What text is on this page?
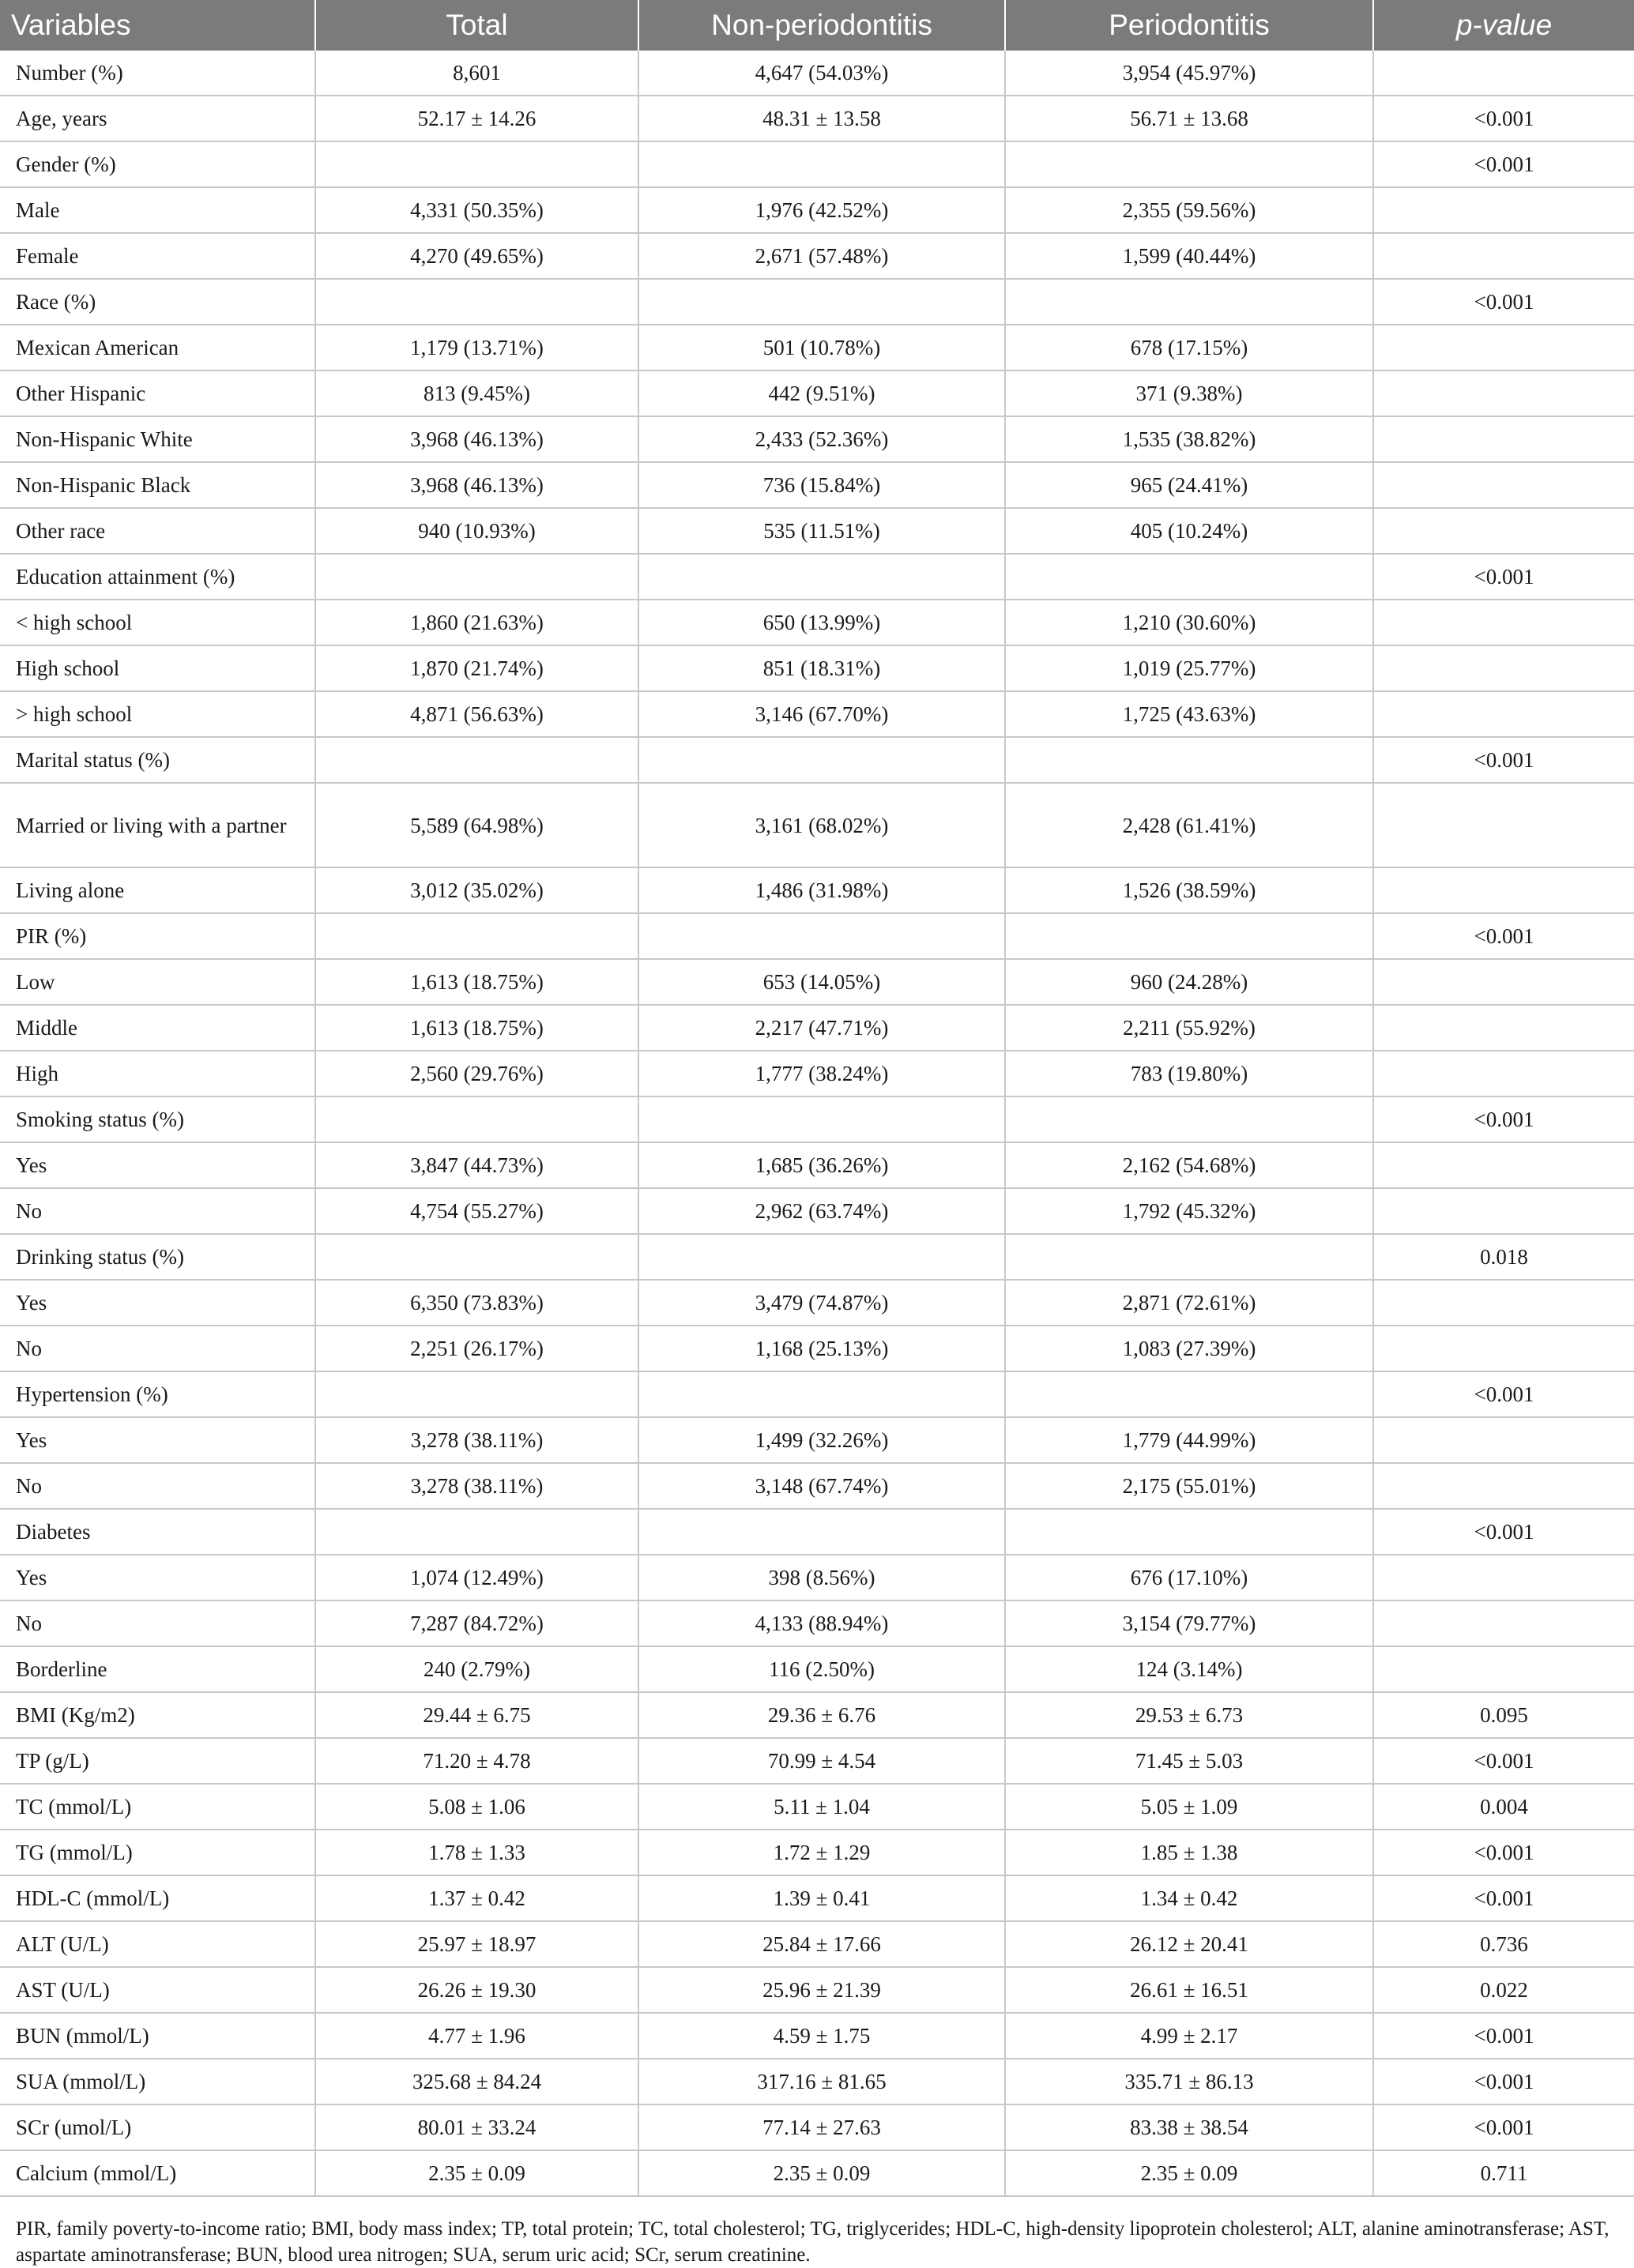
Variables	Total	Non-periodontitis	Periodontitis	p-value
Number (%)	8,601	4,647 (54.03%)	3,954 (45.97%)	
Age, years	52.17 ± 14.26	48.31 ± 13.58	56.71 ± 13.68	<0.001
Gender (%)				<0.001
Male	4,331 (50.35%)	1,976 (42.52%)	2,355 (59.56%)	
Female	4,270 (49.65%)	2,671 (57.48%)	1,599 (40.44%)	
Race (%)				<0.001
Mexican American	1,179 (13.71%)	501 (10.78%)	678 (17.15%)	
Other Hispanic	813 (9.45%)	442 (9.51%)	371 (9.38%)	
Non-Hispanic White	3,968 (46.13%)	2,433 (52.36%)	1,535 (38.82%)	
Non-Hispanic Black	3,968 (46.13%)	736 (15.84%)	965 (24.41%)	
Other race	940 (10.93%)	535 (11.51%)	405 (10.24%)	
Education attainment (%)				<0.001
< high school	1,860 (21.63%)	650 (13.99%)	1,210 (30.60%)	
High school	1,870 (21.74%)	851 (18.31%)	1,019 (25.77%)	
> high school	4,871 (56.63%)	3,146 (67.70%)	1,725 (43.63%)	
Marital status (%)				<0.001
Married or living with a partner	5,589 (64.98%)	3,161 (68.02%)	2,428 (61.41%)	
Living alone	3,012 (35.02%)	1,486 (31.98%)	1,526 (38.59%)	
PIR (%)				<0.001
Low	1,613 (18.75%)	653 (14.05%)	960 (24.28%)	
Middle	1,613 (18.75%)	2,217 (47.71%)	2,211 (55.92%)	
High	2,560 (29.76%)	1,777 (38.24%)	783 (19.80%)	
Smoking status (%)				<0.001
Yes	3,847 (44.73%)	1,685 (36.26%)	2,162 (54.68%)	
No	4,754 (55.27%)	2,962 (63.74%)	1,792 (45.32%)	
Drinking status (%)				0.018
Yes	6,350 (73.83%)	3,479 (74.87%)	2,871 (72.61%)	
No	2,251 (26.17%)	1,168 (25.13%)	1,083 (27.39%)	
Hypertension (%)				<0.001
Yes	3,278 (38.11%)	1,499 (32.26%)	1,779 (44.99%)	
No	3,278 (38.11%)	3,148 (67.74%)	2,175 (55.01%)	
Diabetes				<0.001
Yes	1,074 (12.49%)	398 (8.56%)	676 (17.10%)	
No	7,287 (84.72%)	4,133 (88.94%)	3,154 (79.77%)	
Borderline	240 (2.79%)	116 (2.50%)	124 (3.14%)	
BMI (Kg/m2)	29.44 ± 6.75	29.36 ± 6.76	29.53 ± 6.73	0.095
TP (g/L)	71.20 ± 4.78	70.99 ± 4.54	71.45 ± 5.03	<0.001
TC (mmol/L)	5.08 ± 1.06	5.11 ± 1.04	5.05 ± 1.09	0.004
TG (mmol/L)	1.78 ± 1.33	1.72 ± 1.29	1.85 ± 1.38	<0.001
HDL-C (mmol/L)	1.37 ± 0.42	1.39 ± 0.41	1.34 ± 0.42	<0.001
ALT (U/L)	25.97 ± 18.97	25.84 ± 17.66	26.12 ± 20.41	0.736
AST (U/L)	26.26 ± 19.30	25.96 ± 21.39	26.61 ± 16.51	0.022
BUN (mmol/L)	4.77 ± 1.96	4.59 ± 1.75	4.99 ± 2.17	<0.001
SUA (mmol/L)	325.68 ± 84.24	317.16 ± 81.65	335.71 ± 86.13	<0.001
SCr (umol/L)	80.01 ± 33.24	77.14 ± 27.63	83.38 ± 38.54	<0.001
Calcium (mmol/L)	2.35 ± 0.09	2.35 ± 0.09	2.35 ± 0.09	0.711
PIR, family poverty-to-income ratio; BMI, body mass index; TP, total protein; TC, total cholesterol; TG, triglycerides; HDL-C, high-density lipoprotein cholesterol; ALT, alanine aminotransferase; AST, aspartate aminotransferase; BUN, blood urea nitrogen; SUA, serum uric acid; SCr, serum creatinine.
